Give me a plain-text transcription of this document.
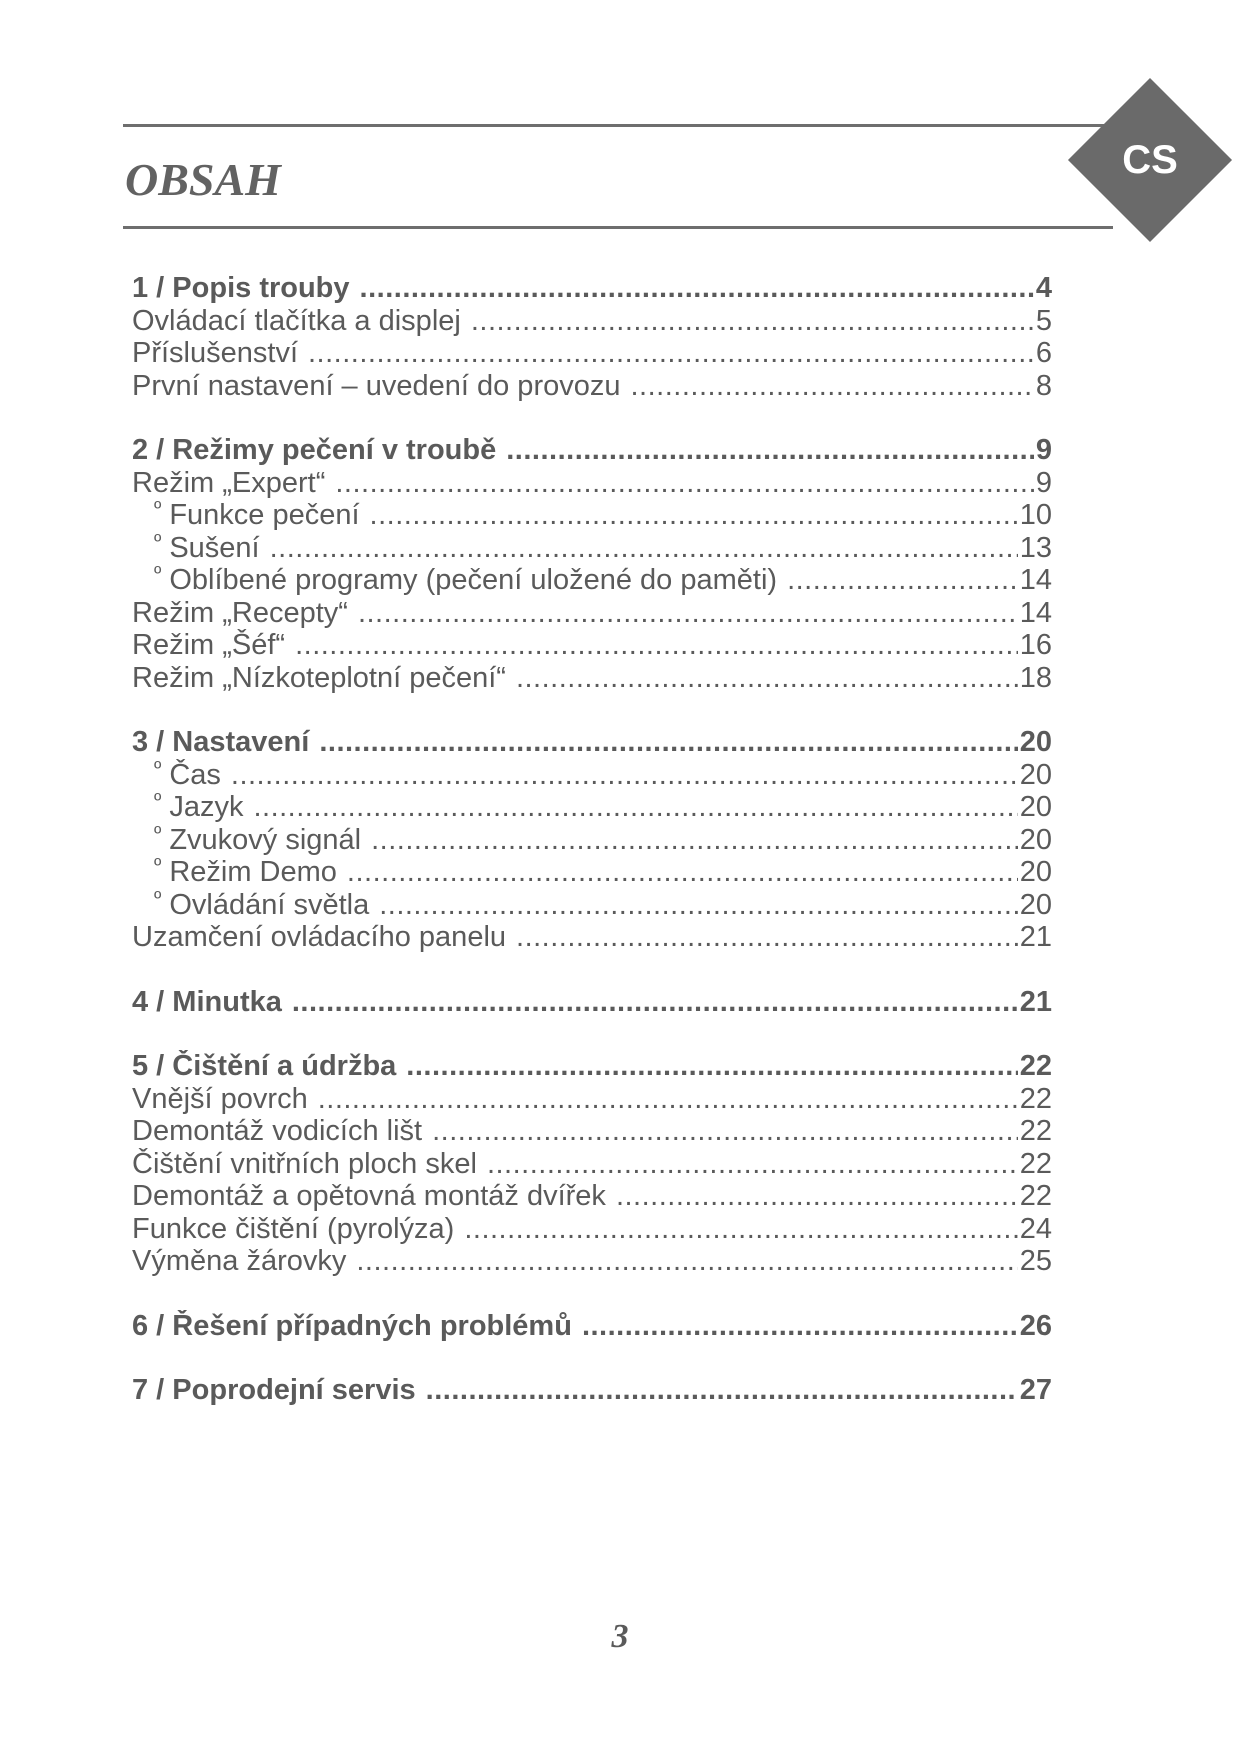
OBSAH	CS
1 / Popis trouby .....	4
Ovládací tlačítka a displej .....	5
Příslušenství .....	6
První nastavení – uvedení do provozu .....	8
2 / Režimy pečení v troubě .....	9
Režim „Expert“ .....	9
º Funkce pečení .....	10
º Sušení .....	13
º Oblíbené programy (pečení uložené do paměti) .....	14
Režim „Recepty“ .....	14
Režim „Šéf“ .....	16
Režim „Nízkoteplotní pečení“ .....	18
3 / Nastavení .....	20
º Čas .....	20
º Jazyk .....	20
º Zvukový signál .....	20
º Režim Demo .....	20
º Ovládání světla .....	20
Uzamčení ovládacího panelu .....	21
4 / Minutka .....	21
5 / Čištění a údržba .....	22
Vnější povrch .....	22
Demontáž vodicích lišt .....	22
Čištění vnitřních ploch skel .....	22
Demontáž a opětovná montáž dvířek .....	22
Funkce čištění (pyrolýza) .....	24
Výměna žárovky .....	25
6 / Řešení případných problémů .....	26
7 / Poprodejní servis .....	27
3
